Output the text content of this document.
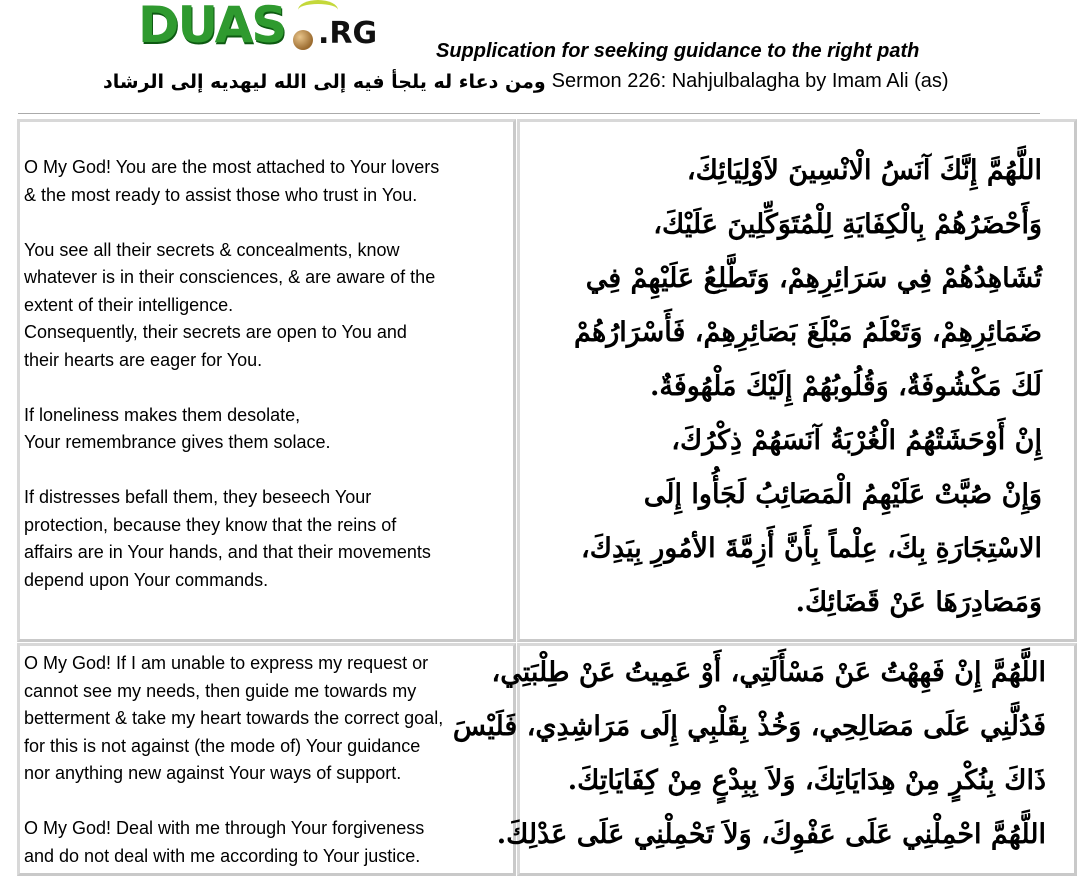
DUAS .RG	Supplication for seeking guidance to the right path
ومن دعاء له يلجأ فيه إلى الله ليهديه إلى الرشاد Sermon 226: Nahjulbalagha by Imam Ali (as)

O My God! You are the most attached to Your lovers

& the most ready to assist those who trust in You.

You see all their secrets & concealments, know

whatever is in their consciences, & are aware of the

extent of their intelligence.

Consequently, their secrets are open to You and

their hearts are eager for You.

If loneliness makes them desolate,

Your remembrance gives them solace.

If distresses befall them, they beseech Your

protection, because they know that the reins of

affairs are in Your hands, and that their movements

depend upon Your commands.

اللَّهُمَّ إِنَّكَ آنَسُ الْانْسِينَ لاَوْلِيَائِكَ،

وَأَحْضَرُهُمْ بِالْكِفَايَةِ لِلْمُتَوَكِّلِينَ عَلَيْكَ،

تُشَاهِدُهُمْ فِي سَرَائِرِهِمْ، وَتَطَّلِعُ عَلَيْهِمْ فِي

ضَمَائِرِهِمْ، وَتَعْلَمُ مَبْلَغَ بَصَائِرِهِمْ، فَأَسْرَارُهُمْ

لَكَ مَكْشُوفَةٌ، وَقُلُوبُهُمْ إِلَيْكَ مَلْهُوفَةٌ.

إِنْ أَوْحَشَتْهُمُ الْغُرْبَةُ آنَسَهُمْ ذِكْرُكَ،

وَإِنْ صُبَّتْ عَلَيْهِمُ الْمَصَائِبُ لَجَأُوا إِلَى

الاسْتِجَارَةِ بِكَ، عِلْماً بِأَنَّ أَزِمَّةَ الأمُورِ بِيَدِكَ،

وَمَصَادِرَهَا عَنْ قَضَائِكَ.

O My God! If I am unable to express my request or

cannot see my needs, then guide me towards my

betterment & take my heart towards the correct goal,

for this is not against (the mode of) Your guidance

nor anything new against Your ways of support.

O My God! Deal with me through Your forgiveness

and do not deal with me according to Your justice.

اللَّهُمَّ إِنْ فَهِهْتُ عَنْ مَسْأَلَتِي، أَوْ عَمِيتُ عَنْ طِلْبَتِي،

فَدُلَّنِي عَلَى مَصَالِحِي، وَخُذْ بِقَلْبِي إِلَى مَرَاشِدِي، فَلَيْسَ

ذَاكَ بِنُكْرٍ مِنْ هِدَايَاتِكَ، وَلاَ بِبِدْعٍ مِنْ كِفَايَاتِكَ.

اللَّهُمَّ احْمِلْنِي عَلَى عَفْوِكَ، وَلاَ تَحْمِلْنِي عَلَى عَدْلِكَ.
